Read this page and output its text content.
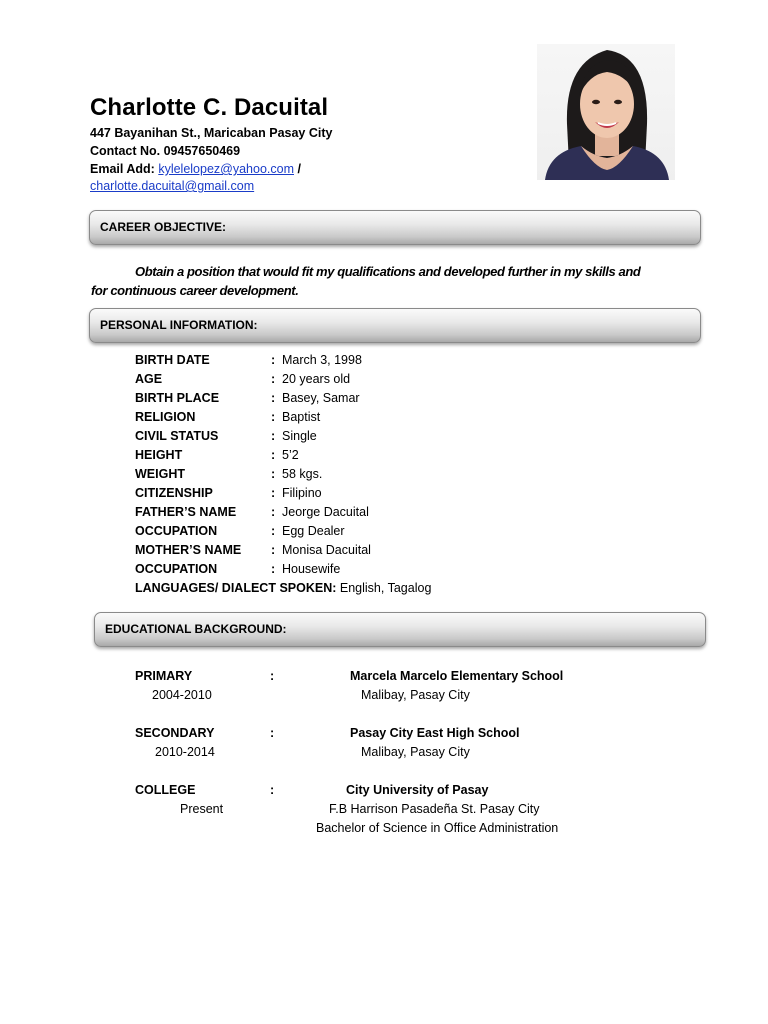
Charlotte C. Dacuital
447 Bayanihan St., Maricaban Pasay City
Contact No. 09457650469
Email Add: kylelelopez@yahoo.com /
charlotte.dacuital@gmail.com
CAREER OBJECTIVE:
Obtain a position that would fit my qualifications and developed further in my skills and for continuous career development.
PERSONAL INFORMATION:
BIRTH DATE	: March 3, 1998
AGE	: 20 years old
BIRTH PLACE	: Basey, Samar
RELIGION	: Baptist
CIVIL STATUS	: Single
HEIGHT	: 5’2
WEIGHT	: 58 kgs.
CITIZENSHIP	: Filipino
FATHER’S NAME	: Jeorge Dacuital
OCCUPATION	: Egg Dealer
MOTHER’S NAME : Monisa Dacuital
OCCUPATION	: Housewife
LANGUAGES/ DIALECT SPOKEN: English, Tagalog
EDUCATIONAL BACKGROUND:
PRIMARY	:	Marcela Marcelo Elementary School
2004-2010	Malibay, Pasay City
SECONDARY	:	Pasay City East High School
2010-2014	Malibay, Pasay City
COLLEGE	:	City University of Pasay
Present	F.B Harrison Pasadeña St. Pasay City
Bachelor of Science in Office Administration
